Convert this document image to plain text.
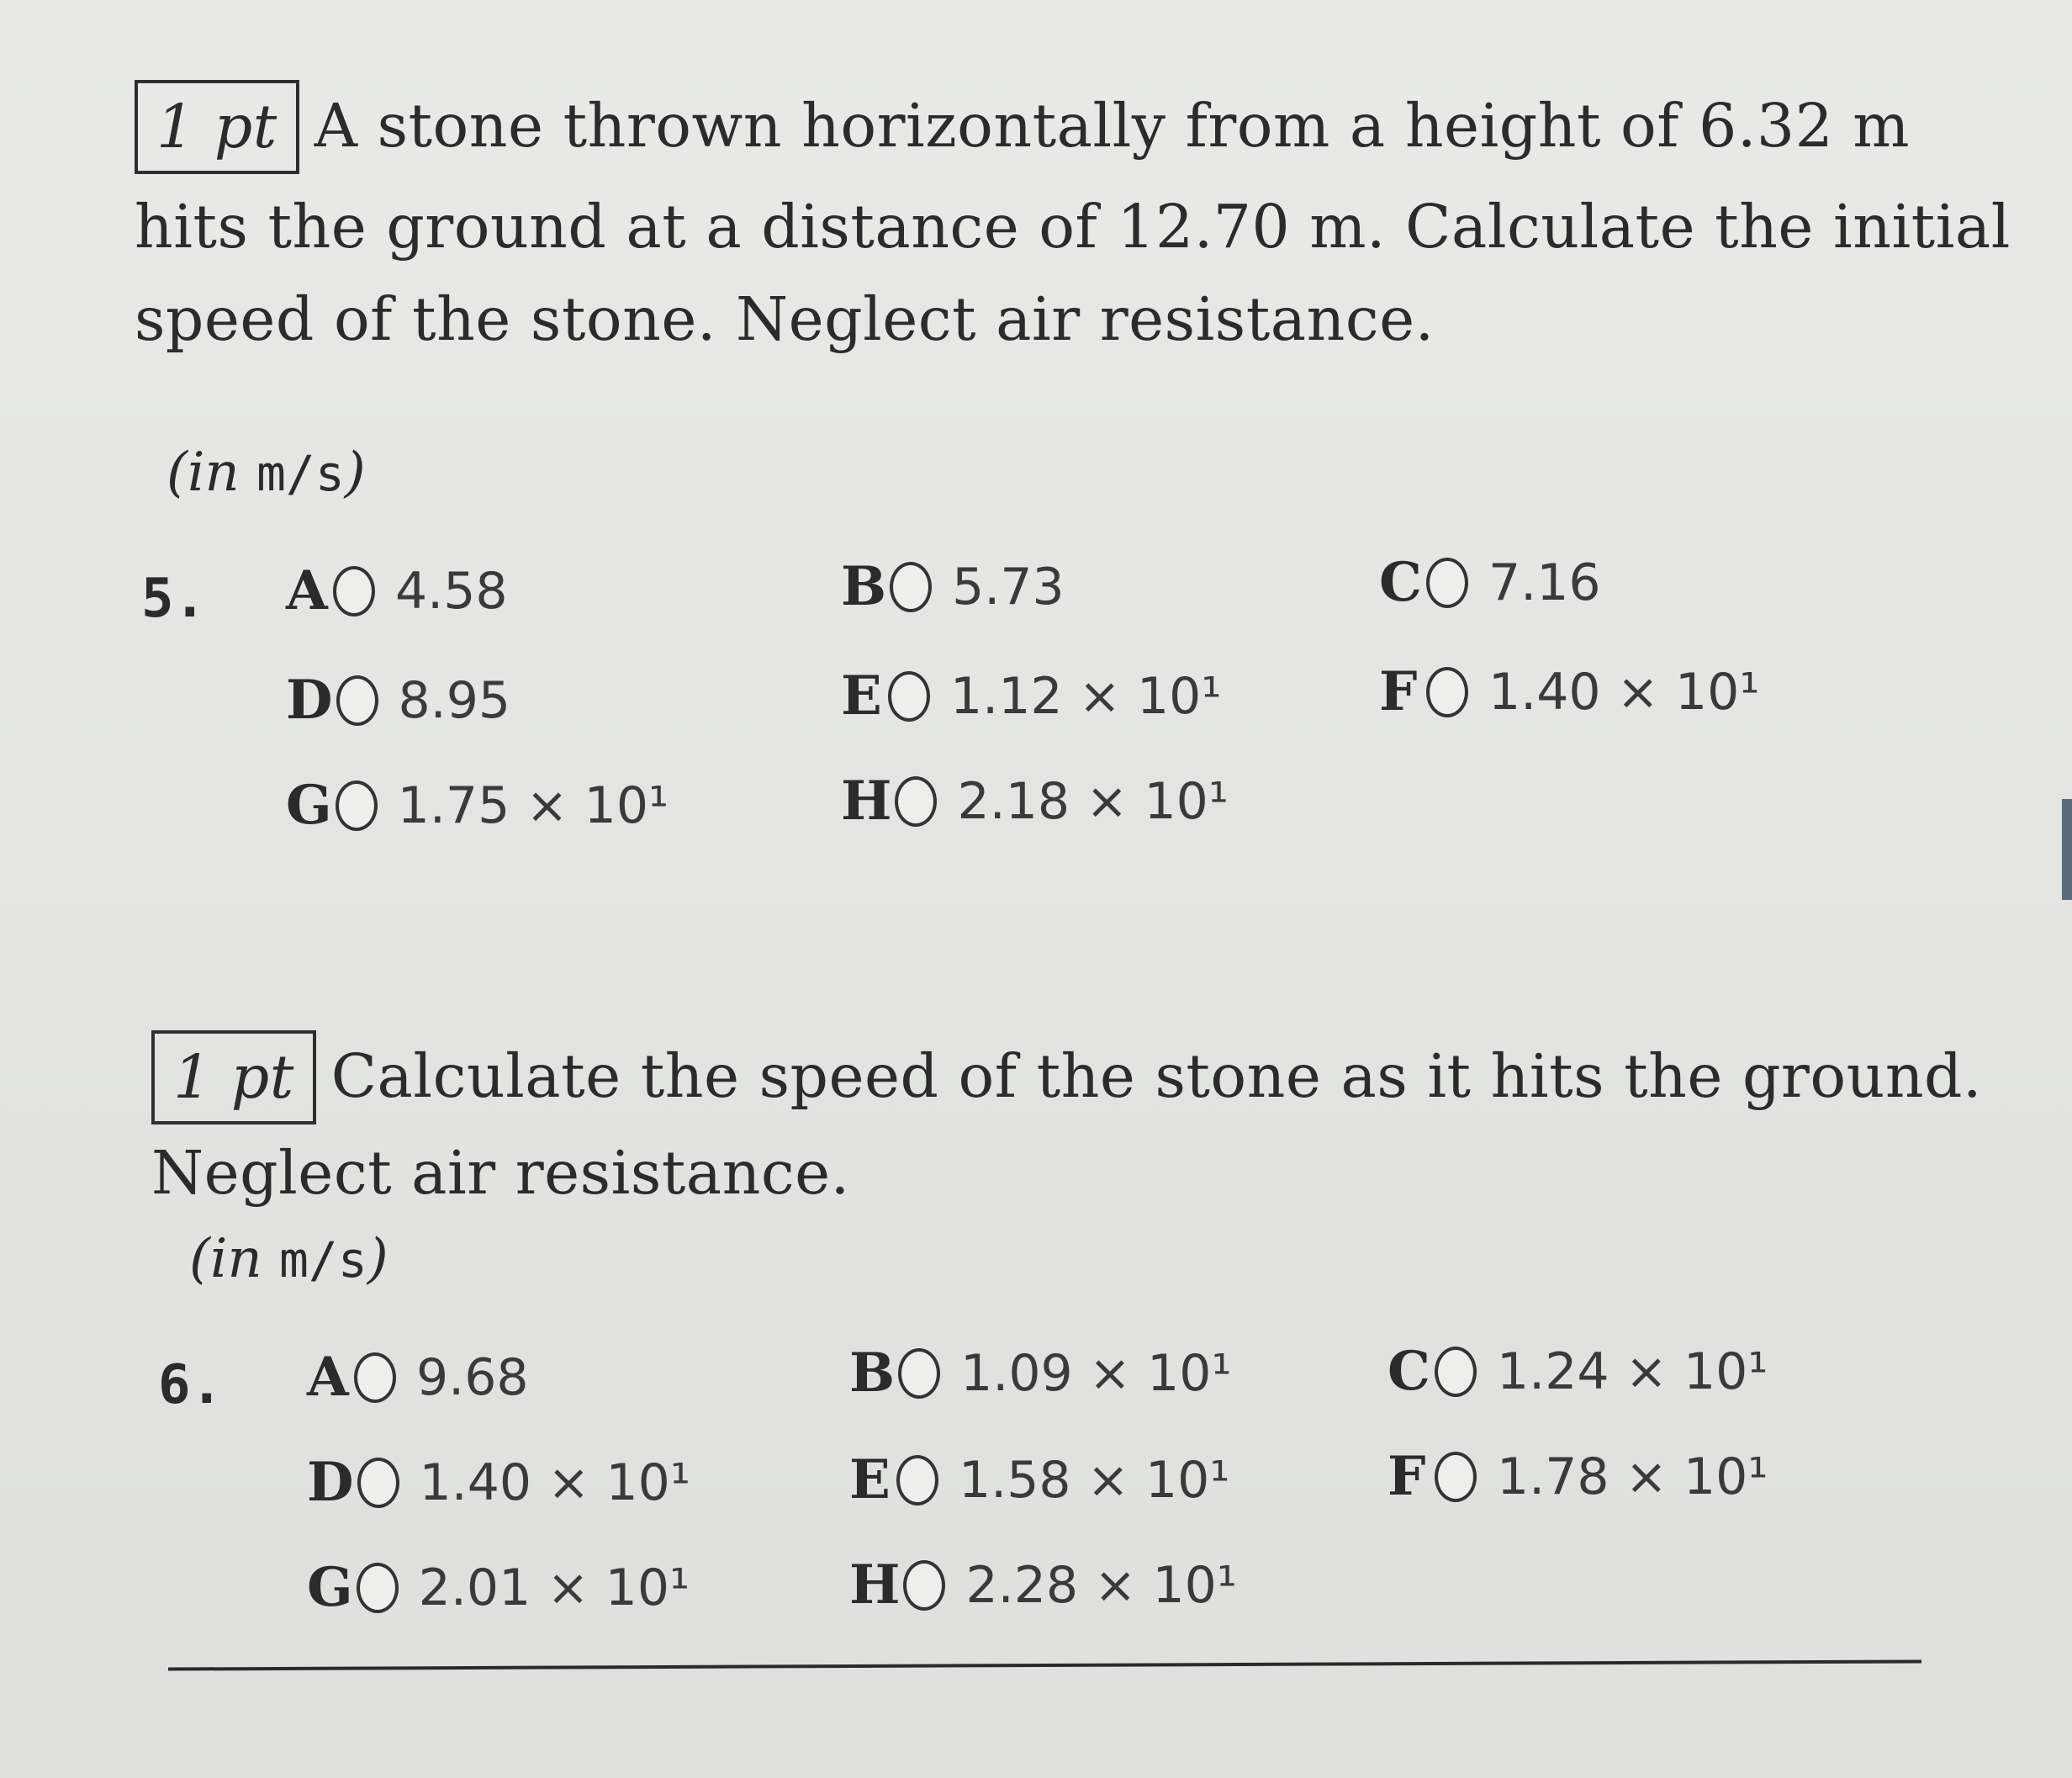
1 pt A stone thrown horizontally from a height of 6.32 m
hits the ground at a distance of 12.70 m. Calculate the initial
speed of the stone. Neglect air resistance.
(in m/s)
5. A 4.58	B 5.73	C 7.16
D 8.95	E 1.12 × 10¹	F 1.40 × 10¹
G 1.75 × 10¹	H 2.18 × 10¹
1 pt Calculate the speed of the stone as it hits the ground.
Neglect air resistance.
(in m/s)
6. A 9.68	B 1.09 × 10¹	C 1.24 × 10¹
D 1.40 × 10¹	E 1.58 × 10¹	F 1.78 × 10¹
G 2.01 × 10¹	H 2.28 × 10¹
